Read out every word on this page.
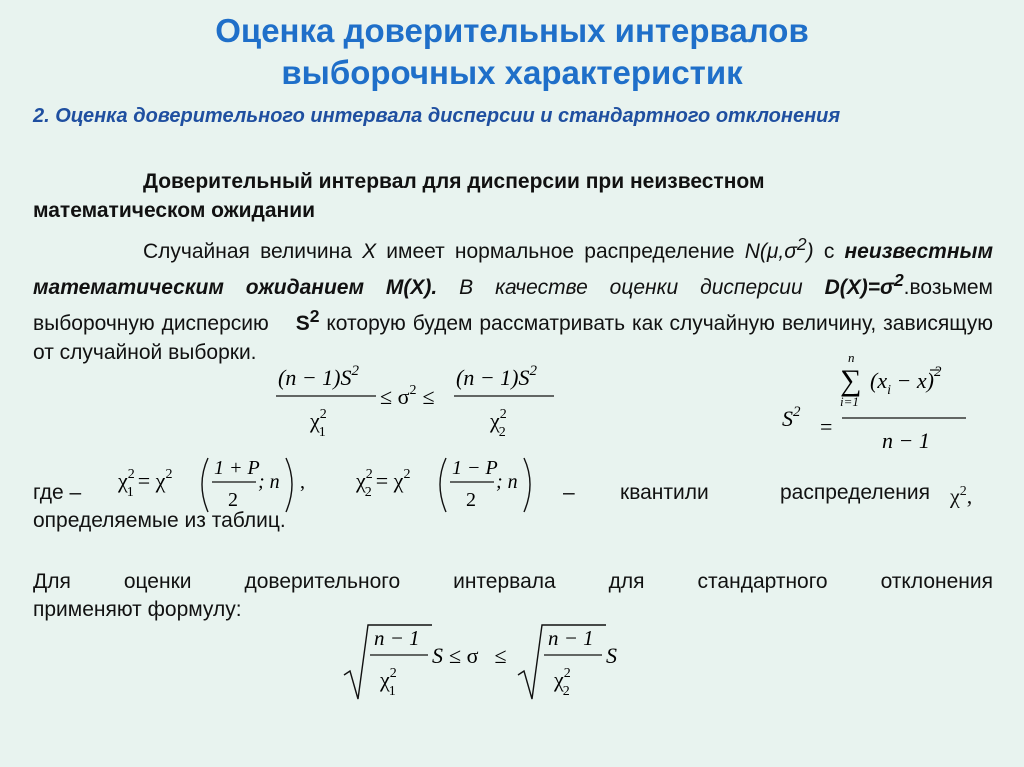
Оценка доверительных интервалов
выборочных характеристик
2. Оценка доверительного интервала дисперсии и стандартного отклонения
Доверительный интервал для дисперсии при неизвестном
математическом ожидании
Случайная величина X имеет нормальное распределение $N(\mu,\sigma^2)$ с неизвестным математическим ожиданием M(X). В качестве оценки дисперсии $D(X)=\sigma^2.возьмем$ выборочную дисперсию $S^2$ которую будем рассматривать как случайную величину, зависящую от случайной выборки.
$(n - 1)S^2$
$\chi^2$ 1
≤ $\sigma^2$ ≤
$(n - 1)S^2$
$\chi^2$ 2
$S^2$
=
n
∑
i=1
$(x_i - x)^2$
n − 1
где – $\chi^2$ $1 = \chi^2$ 1 + P
2
; n , $\chi^2$ $2 = \chi^2$ 1 − P
2
; n – квантили распределения $\chi^2$,
определяемые из таблиц.
Для оценки доверительного интервала для стандартного отклонения
применяют формулу:
n − 1
$\chi^2$ 1
S ≤ σ ≤
n − 1
$\chi^2$ 2
S
